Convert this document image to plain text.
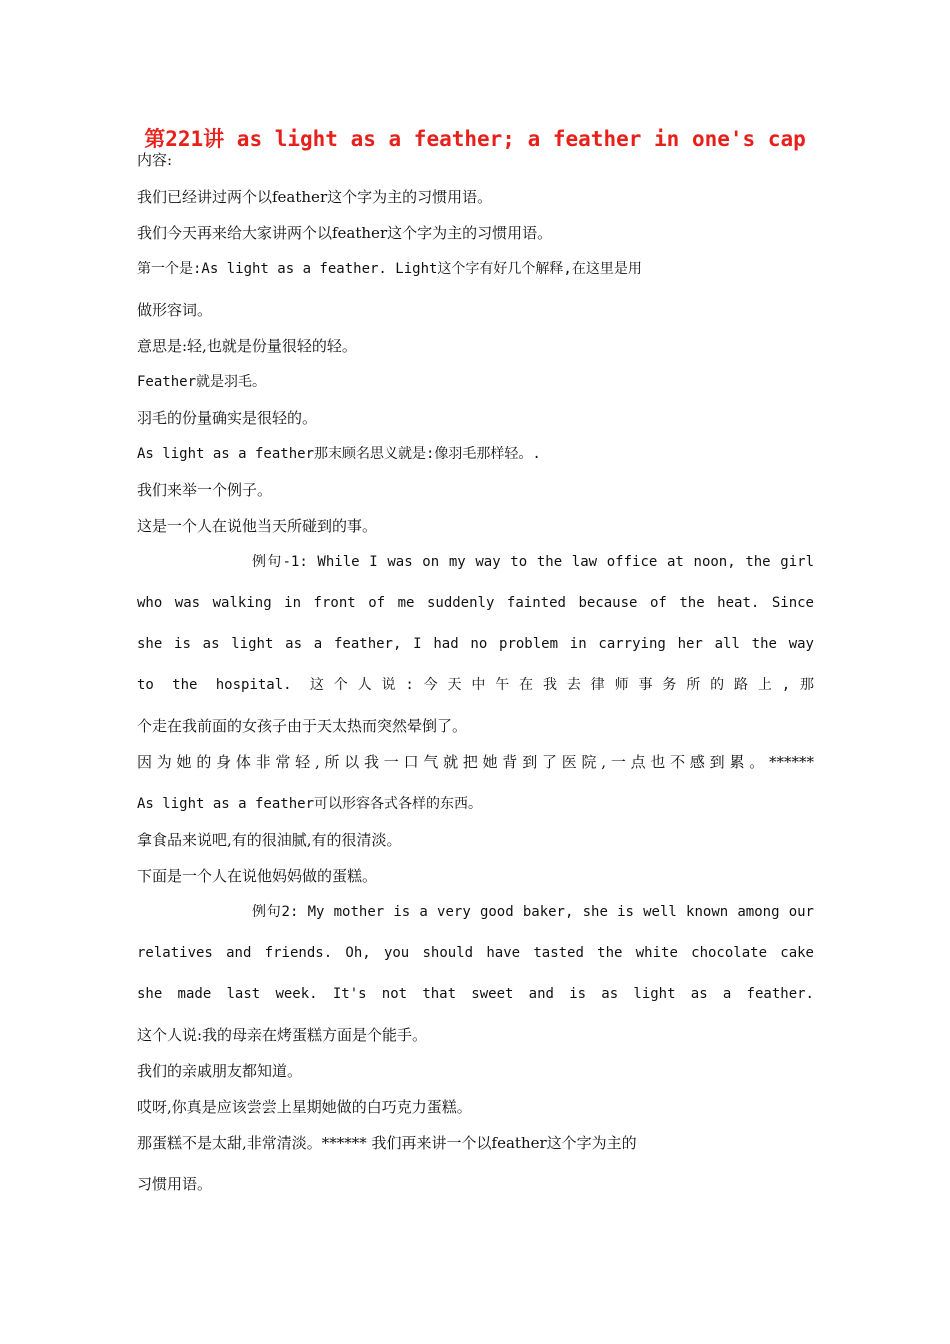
第221讲 as light as a feather; a feather in one's cap
内容:
我们已经讲过两个以feather这个字为主的习惯用语。
我们今天再来给大家讲两个以feather这个字为主的习惯用语。
第一个是:As light as a feather. Light这个字有好几个解释,在这里是用
做形容词。
意思是:轻,也就是份量很轻的轻。
Feather就是羽毛。
羽毛的份量确实是很轻的。
As light as a feather那末顾名思义就是:像羽毛那样轻。.
我们来举一个例子。
这是一个人在说他当天所碰到的事。
例句-1: While I was on my way to the law office at noon, the girl
who was walking in front of me suddenly fainted because of the heat. Since
she is as light as a feather, I had no problem in carrying her all the way
to the hospital. 这个人说:今天中午在我去律师事务所的路上,那
个走在我前面的女孩子由于天太热而突然晕倒了。
因为她的身体非常轻,所以我一口气就把她背到了医院,一点也不感到累。******
As light as a feather可以形容各式各样的东西。
拿食品来说吧,有的很油腻,有的很清淡。
下面是一个人在说他妈妈做的蛋糕。
例句2: My mother is a very good baker, she is well known among our
relatives and friends. Oh, you should have tasted the white chocolate cake
she made last week. It's not that sweet and is as light as a feather.
这个人说:我的母亲在烤蛋糕方面是个能手。
我们的亲戚朋友都知道。
哎呀,你真是应该尝尝上星期她做的白巧克力蛋糕。
那蛋糕不是太甜,非常清淡。****** 我们再来讲一个以feather这个字为主的
习惯用语。
